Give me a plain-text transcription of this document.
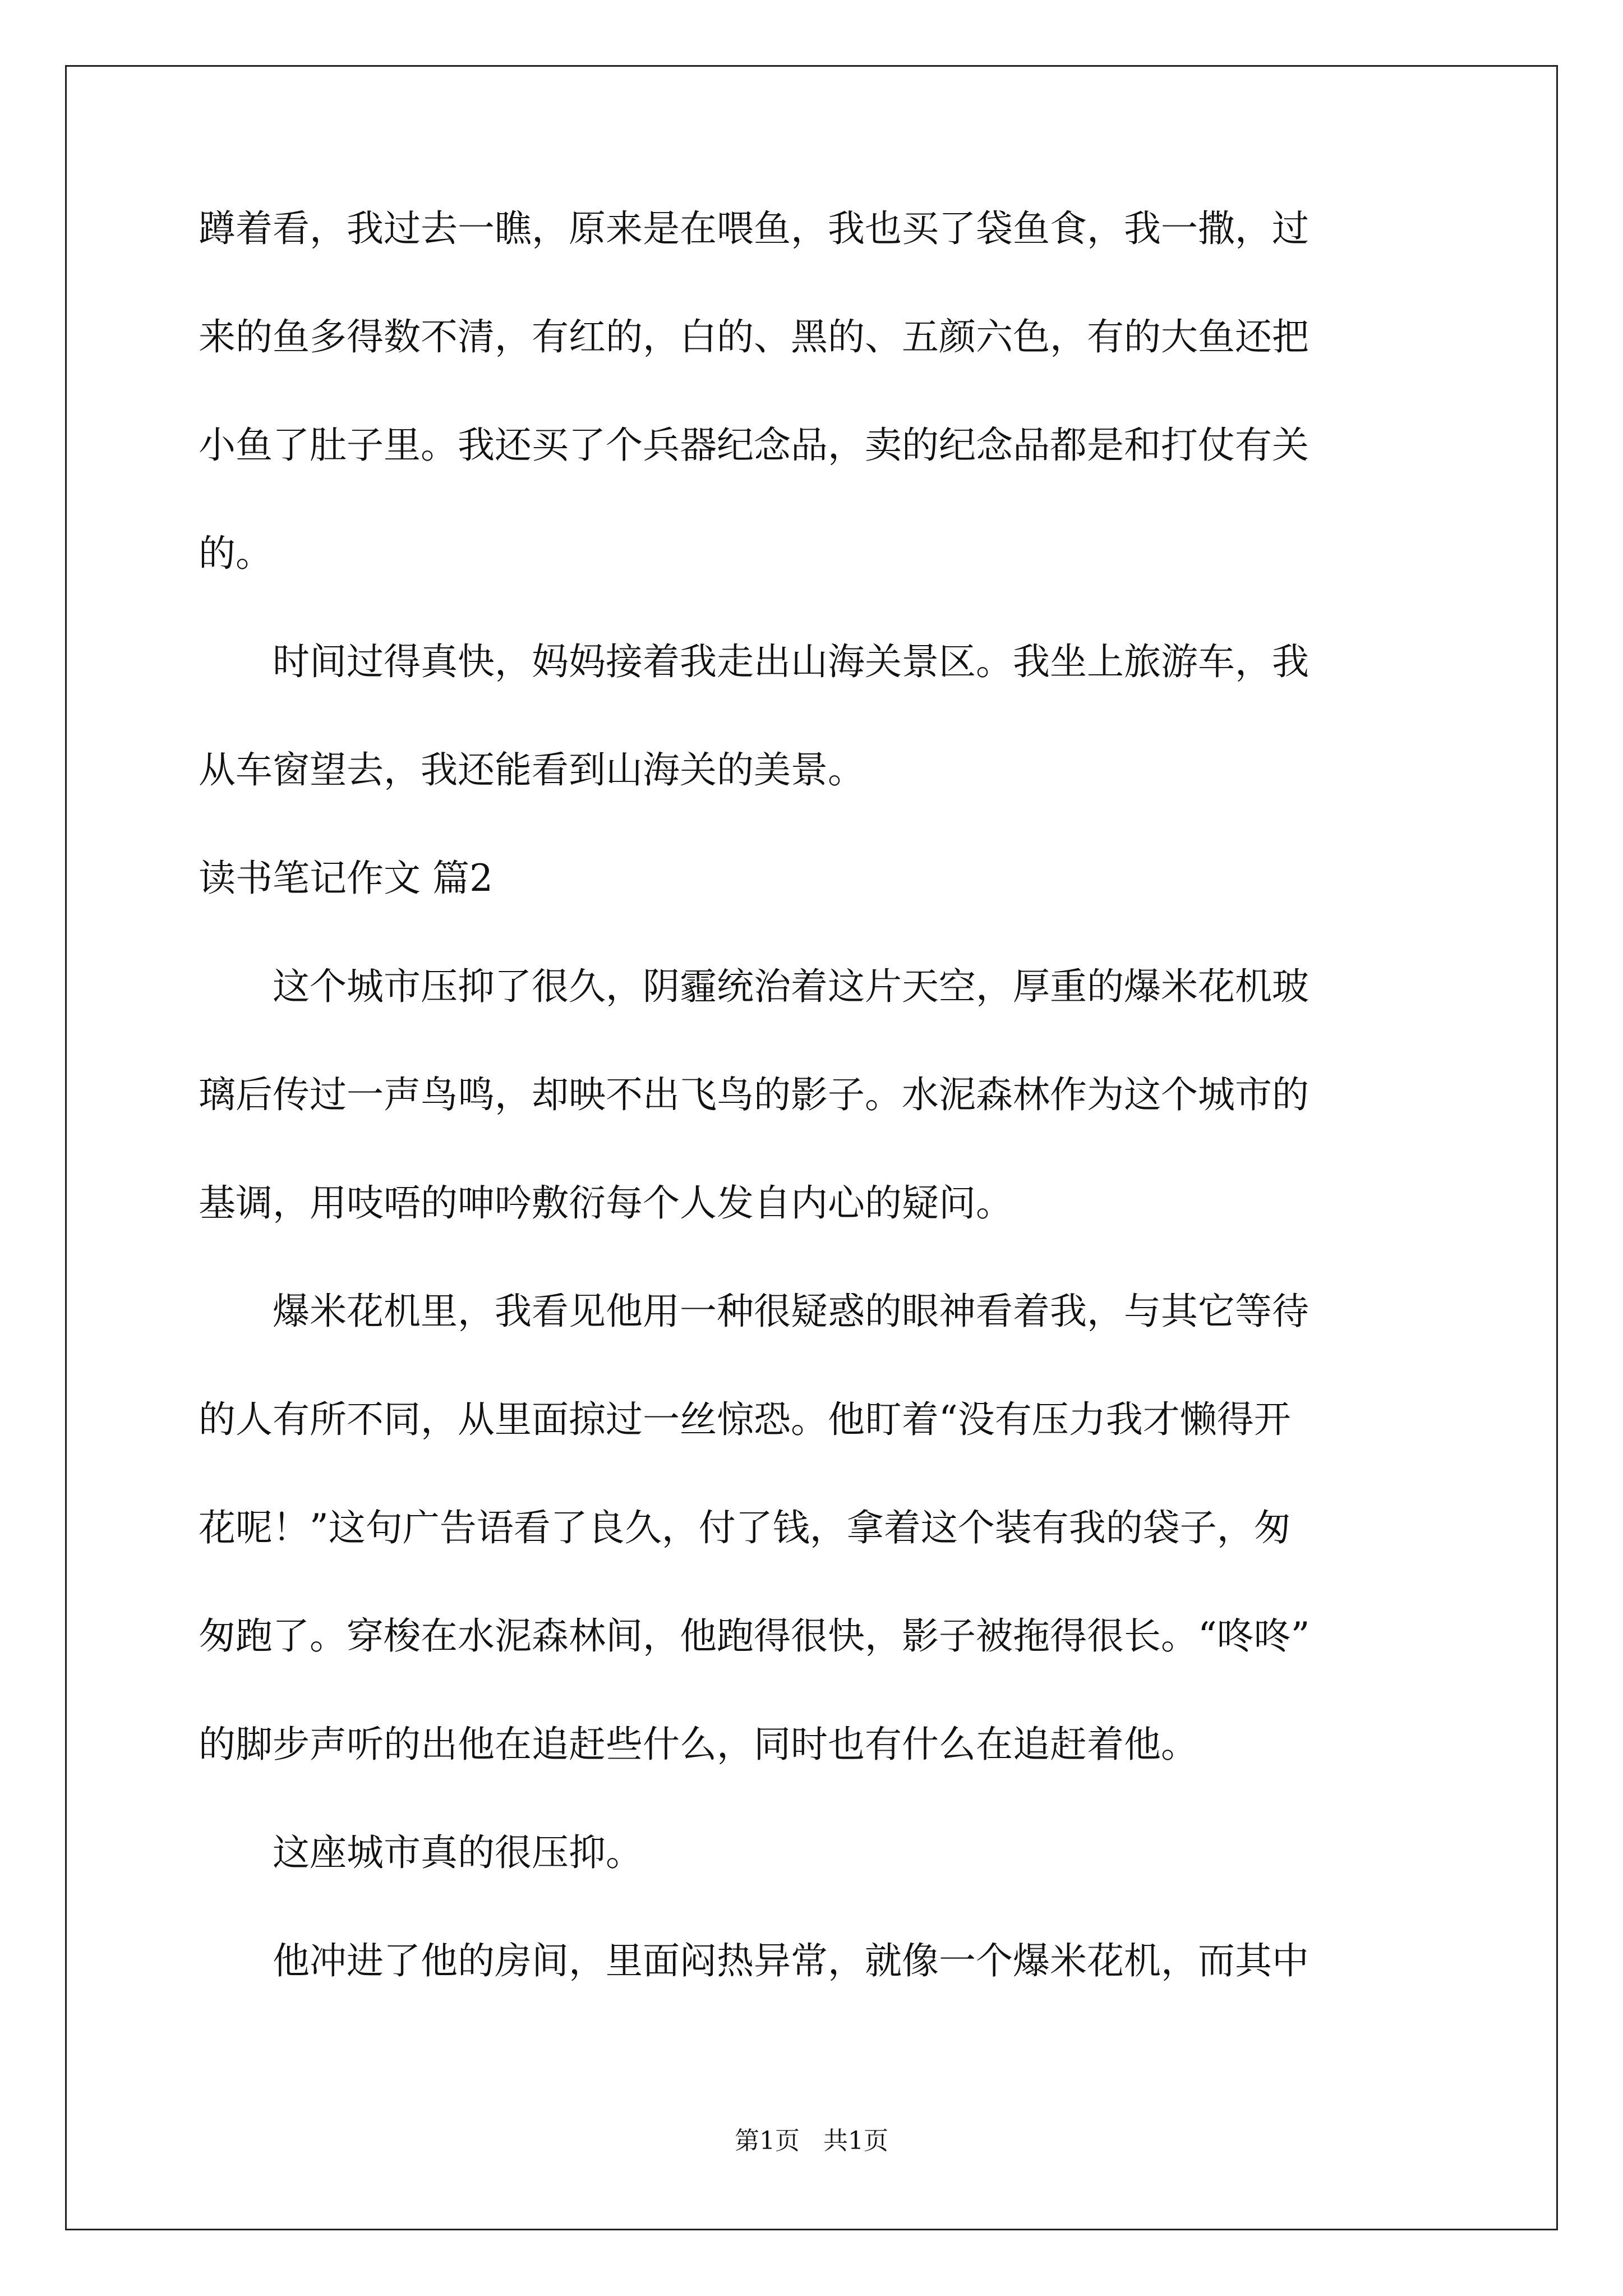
蹲着看，我过去一瞧，原来是在喂鱼，我也买了袋鱼食，我一撒，过
来的鱼多得数不清，有红的，白的、黑的、五颜六色，有的大鱼还把
小鱼了肚子里。我还买了个兵器纪念品，卖的纪念品都是和打仗有关
的。
　　时间过得真快，妈妈接着我走出山海关景区。我坐上旅游车，我
从车窗望去，我还能看到山海关的美景。
读书笔记作文 篇2
　　这个城市压抑了很久，阴霾统治着这片天空，厚重的爆米花机玻
璃后传过一声鸟鸣，却映不出飞鸟的影子。水泥森林作为这个城市的
基调，用吱唔的呻吟敷衍每个人发自内心的疑问。
　　爆米花机里，我看见他用一种很疑惑的眼神看着我，与其它等待
的人有所不同，从里面掠过一丝惊恐。他盯着“没有压力我才懒得开
花呢！”这句广告语看了良久，付了钱，拿着这个装有我的袋子，匆
匆跑了。穿梭在水泥森林间，他跑得很快，影子被拖得很长。“咚咚”
的脚步声听的出他在追赶些什么，同时也有什么在追赶着他。
　　这座城市真的很压抑。
　　他冲进了他的房间，里面闷热异常，就像一个爆米花机，而其中
第1页   共1页
